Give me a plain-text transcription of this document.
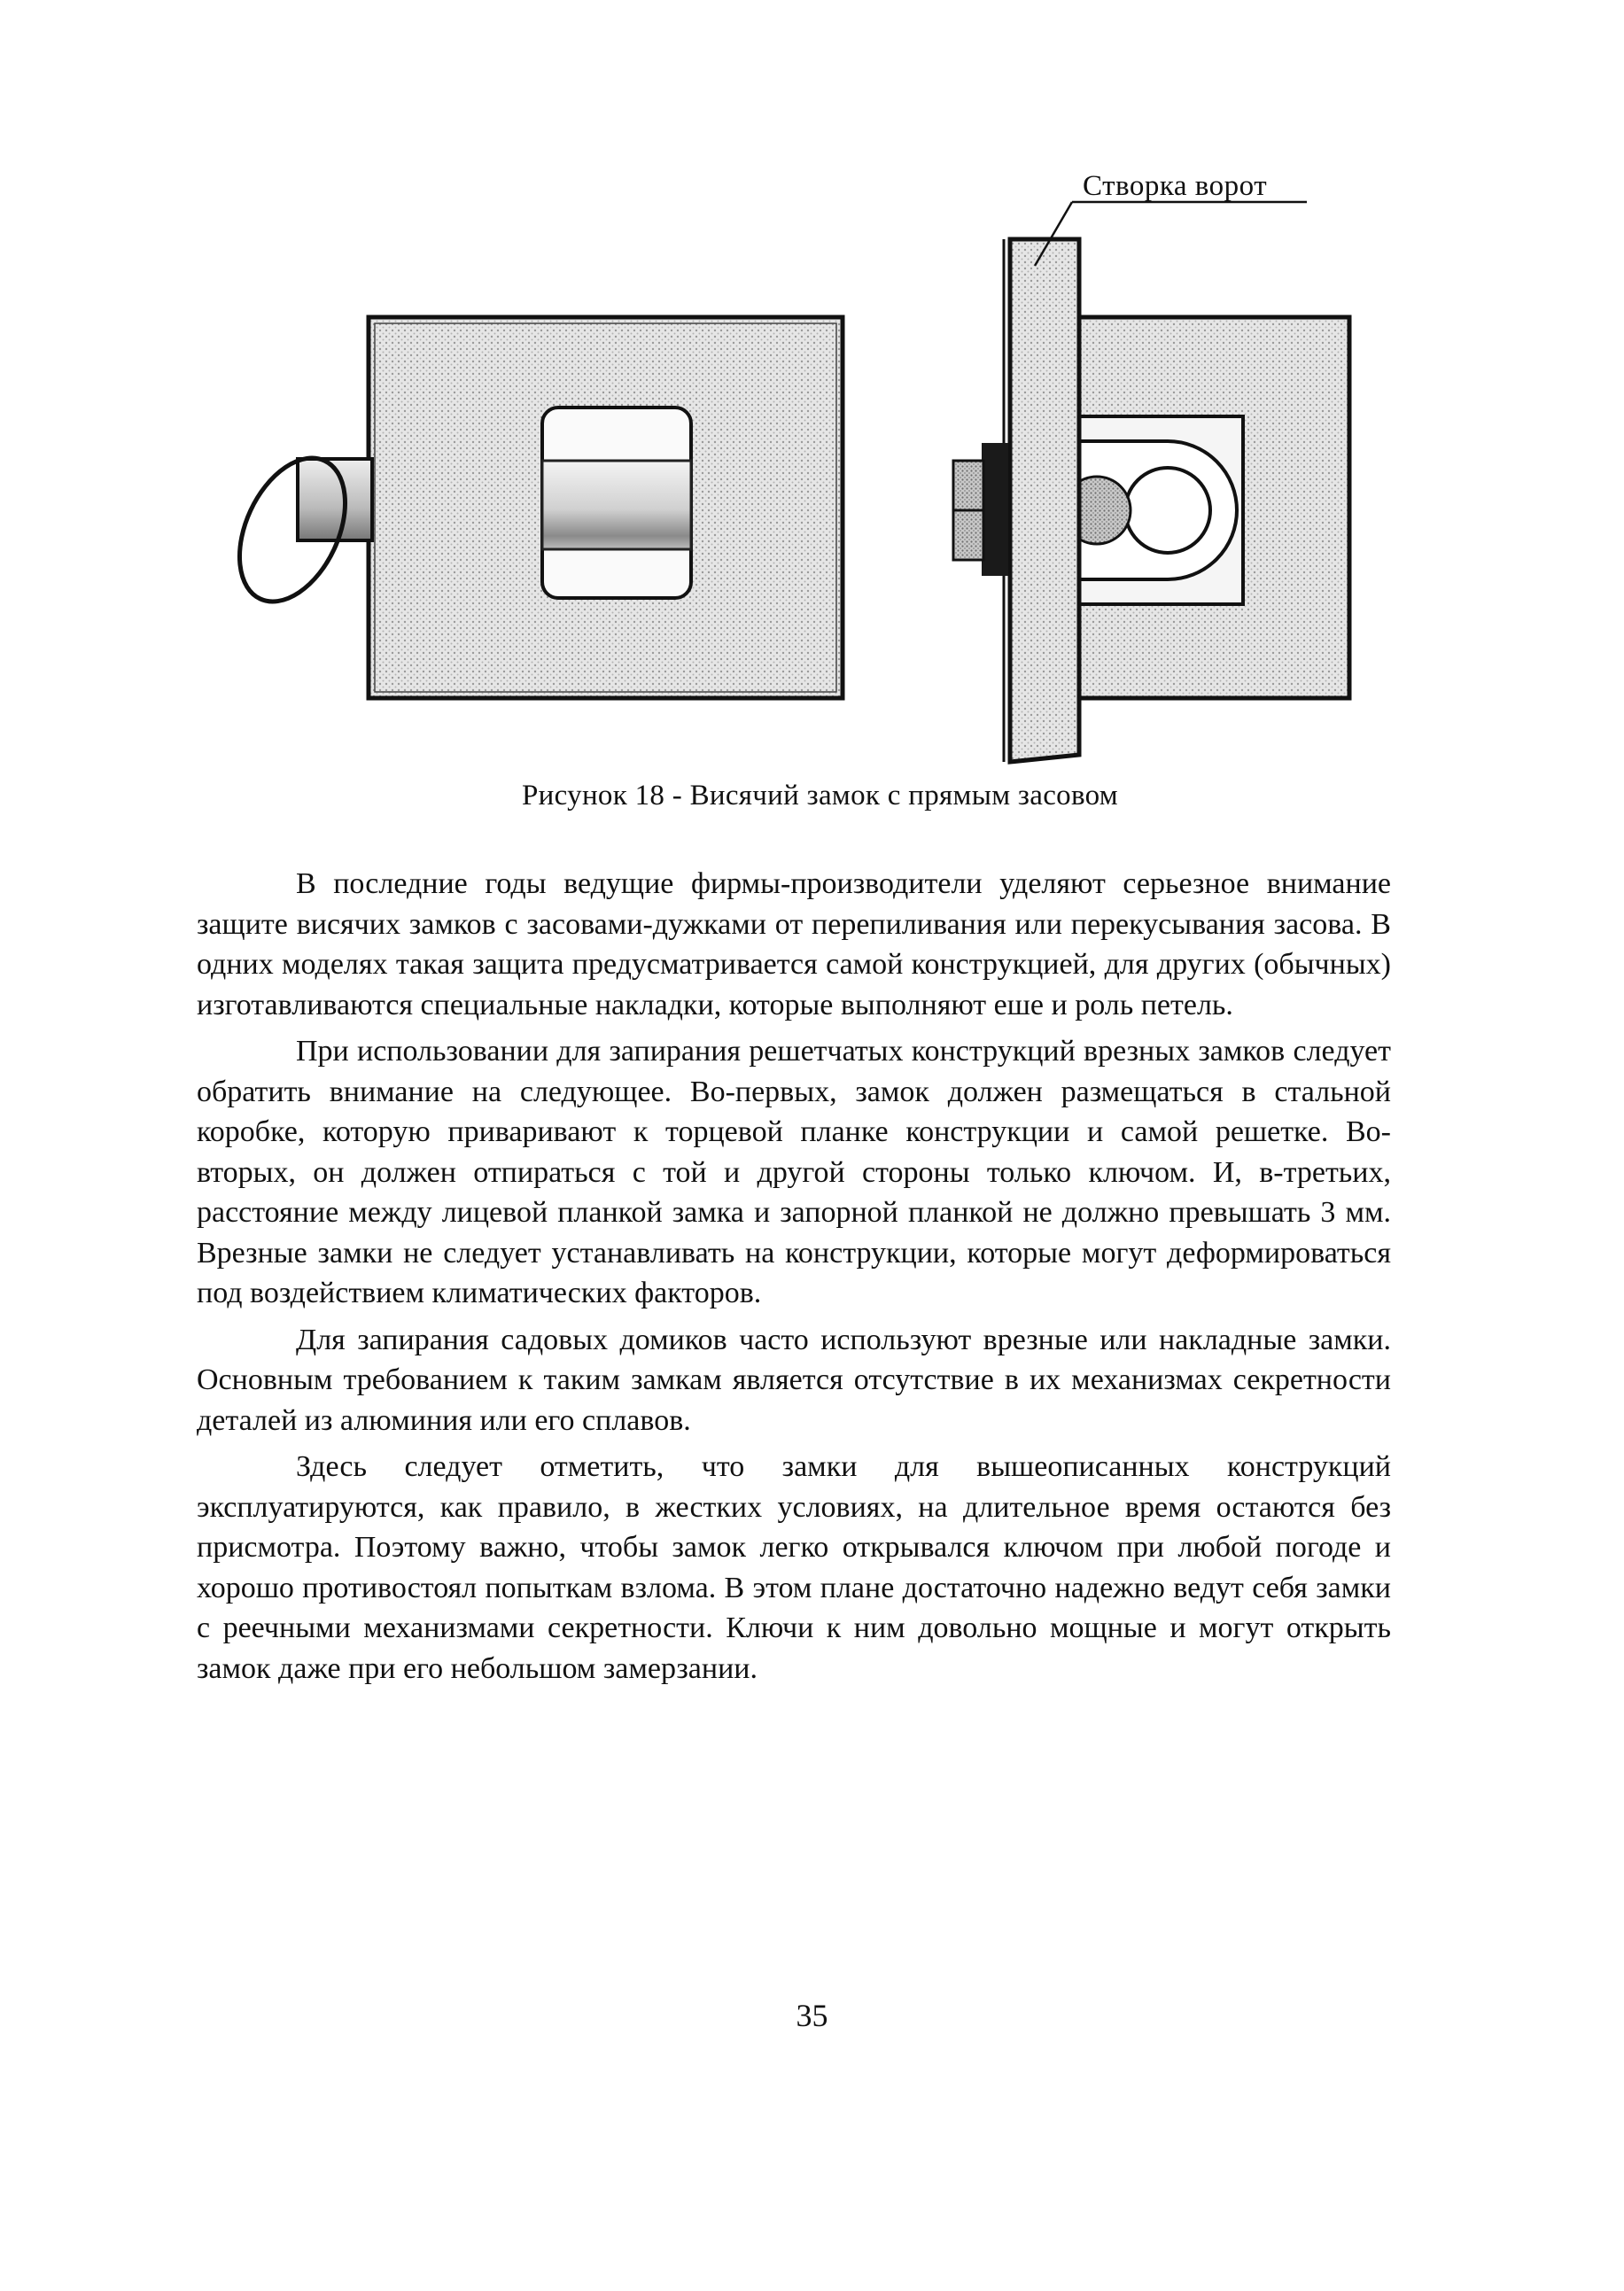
Створка ворот
Рисунок 18 - Висячий замок с прямым засовом

В последние годы ведущие фирмы-производители уделяют серьезное внимание защите висячих замков с засовами-дужками от перепиливания или перекусывания засова. В одних моделях такая защита предусматривается самой конструкцией, для других (обычных) изготавливаются специальные накладки, которые выполняют еше и роль петель.

При использовании для запирания решетчатых конструкций врезных замков следует обратить внимание на следующее. Во-первых, замок должен размещаться в стальной коробке, которую приваривают к торцевой планке конструкции и самой решетке. Во-вторых, он должен отпираться с той и другой стороны только ключом. И, в-третьих, расстояние между лицевой планкой замка и запорной планкой не должно превышать 3 мм. Врезные замки не следует устанавливать на конструкции, которые могут деформироваться под воздействием климатических факторов.

Для запирания садовых домиков часто используют врезные или накладные замки. Основным требованием к таким замкам является отсутствие в их механизмах секретности деталей из алюминия или его сплавов.

Здесь следует отметить, что замки для вышеописанных конструкций эксплуатируются, как правило, в жестких условиях, на длительное время остаются без присмотра. Поэтому важно, чтобы замок легко открывался ключом при любой погоде и хорошо противостоял попыткам взлома. В этом плане достаточно надежно ведут себя замки с реечными механизмами секретности. Ключи к ним довольно мощные и могут открыть замок даже при его небольшом замерзании.

35
